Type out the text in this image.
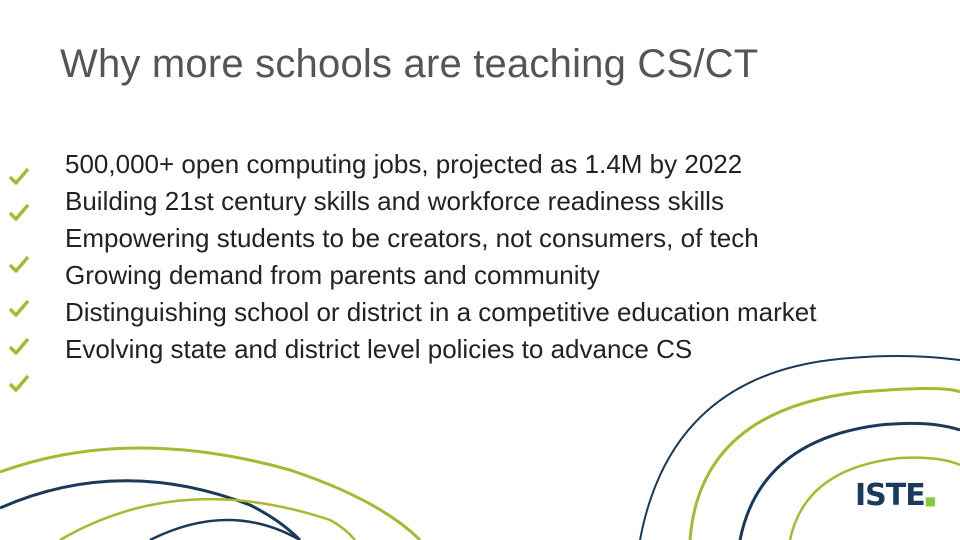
Why more schools are teaching CS/CT
500,000+ open computing jobs, projected as 1.4M by 2022
Building 21st century skills and workforce readiness skills
Empowering students to be creators, not consumers, of tech
Growing demand from parents and community
Distinguishing school or district in a competitive education market
Evolving state and district level policies to advance CS
ISTE■
